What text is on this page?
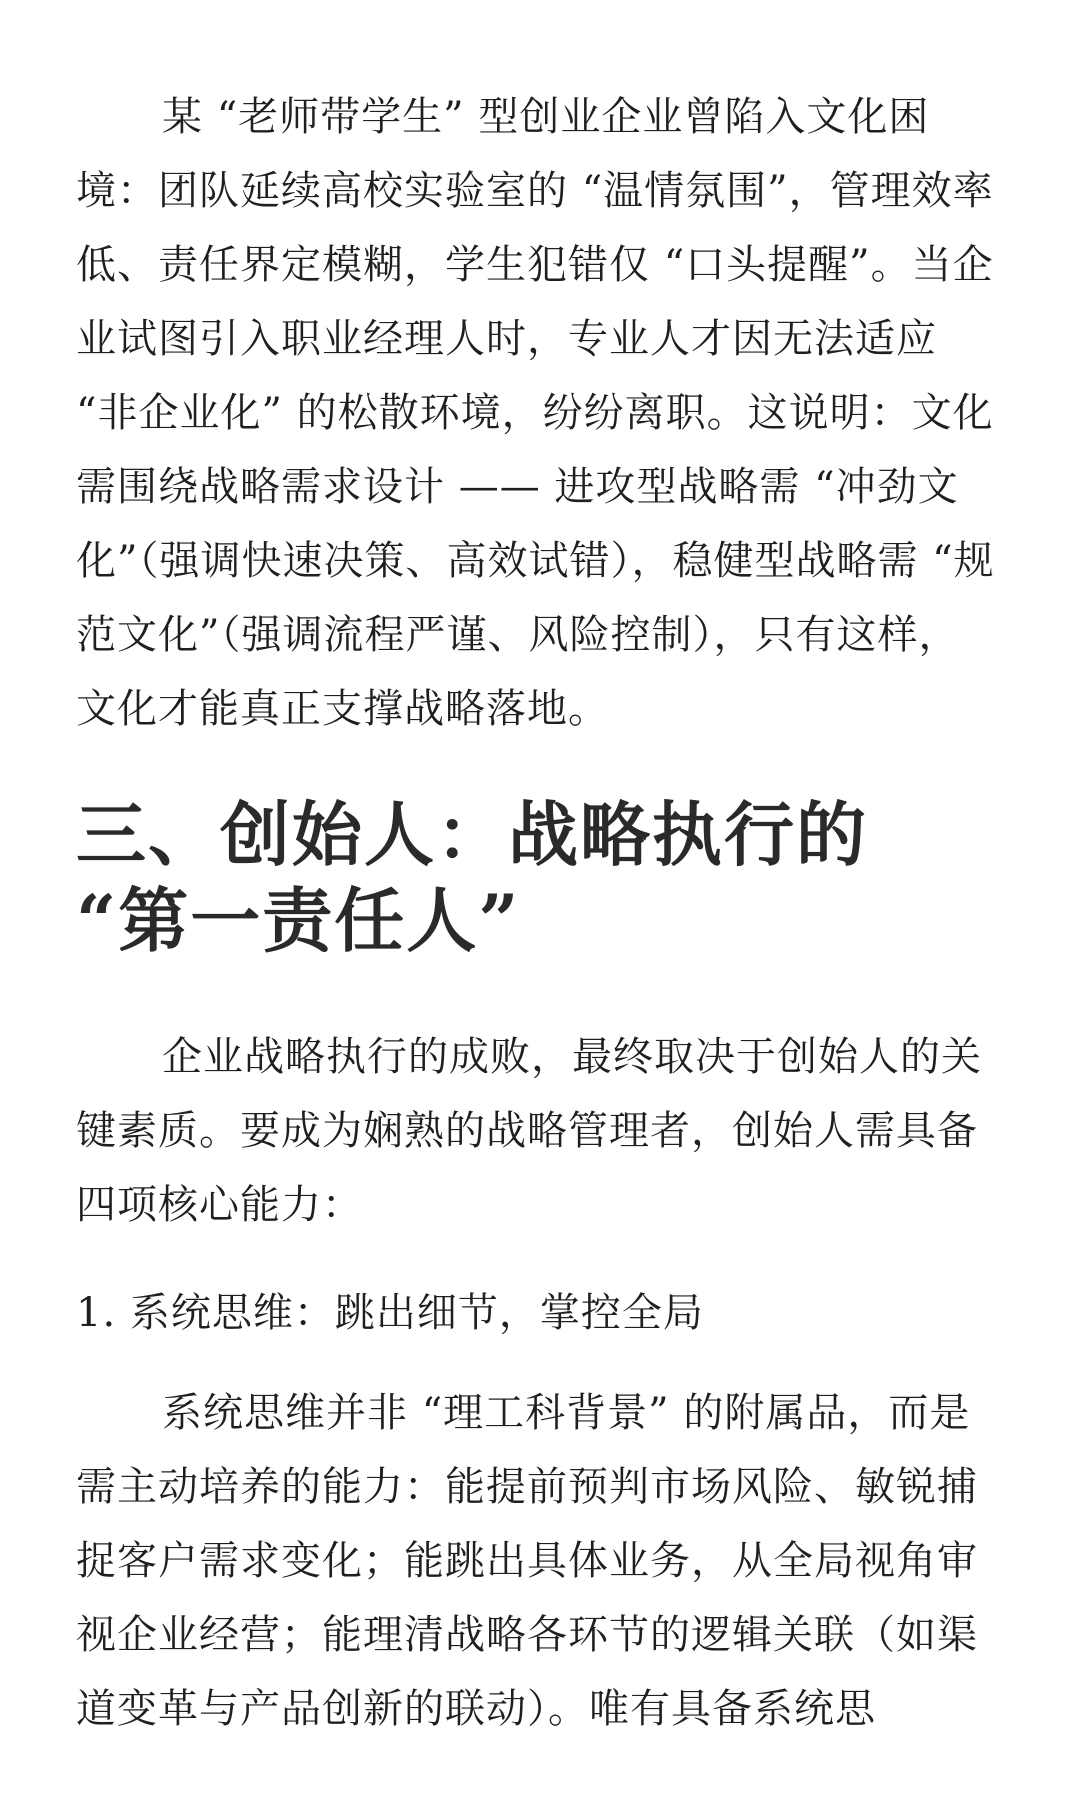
某 “老师带学生” 型创业企业曾陷入文化困境：团队延续高校实验室的 “温情氛围”，管理效率低、责任界定模糊，学生犯错仅 “口头提醒”。当企业试图引入职业经理人时，专业人才因无法适应 “非企业化” 的松散环境，纷纷离职。这说明：文化需围绕战略需求设计 —— 进攻型战略需 “冲劲文化”（强调快速决策、高效试错），稳健型战略需 “规范文化”（强调流程严谨、风险控制），只有这样，文化才能真正支撑战略落地。

三、创始人：战略执行的 “第一责任人”

企业战略执行的成败，最终取决于创始人的关键素质。要成为娴熟的战略管理者，创始人需具备四项核心能力：

1. 系统思维：跳出细节，掌控全局

系统思维并非 “理工科背景” 的附属品，而是需主动培养的能力：能提前预判市场风险、敏锐捕捉客户需求变化；能跳出具体业务，从全局视角审视企业经营；能理清战略各环节的逻辑关联（如渠道变革与产品创新的联动）。唯有具备系统思
